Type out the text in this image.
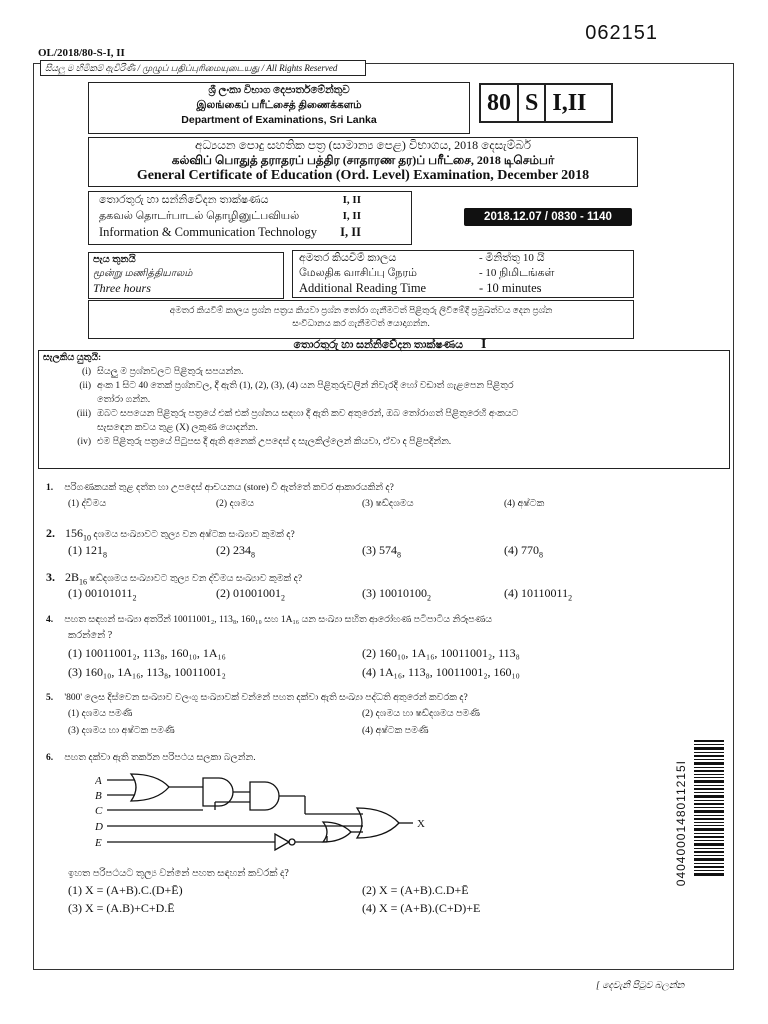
062151
OL/2018/80-S-I, II
සියලු ම හිමිකම් ඇවිරිණි / முழுப் பதிப்புரிமையுடையது / All Rights Reserved
ශ්‍රී ලංකා විභාග දෙපාර්තමේන්තුව
இலங்கைப் பரீட்சைத் திணைக்களம்
Department of Examinations, Sri Lanka
80 S I,II
අධ්‍යයන පොදු සහතික පත්‍ර (සාමාන්‍ය පෙළ) විභාගය, 2018 දෙසැම්බර්
கல்விப் பொதுத் தராதரப் பத்திர (சாதாரண தர)ப் பரீட்சை, 2018 டிசெம்பர்
General Certificate of Education (Ord. Level) Examination, December 2018
තොරතුරු හා සන්නිවේදන තාක්ෂණය	I, II
தகவல் தொடர்பாடல் தொழினுட்பவியல்	I, II
Information & Communication Technology I, II
2018.12.07 / 0830 - 1140
පැය තුනයි
மூன்று மணித்தியாலம்
Three hours
අමතර කියවීම් කාලය	- මිනිත්තු 10 යි
மேலதிக வாசிப்பு நேரம்	- 10 நிமிடங்கள்
Additional Reading Time	- 10 minutes
අමතර කියවීම් කාලය ප්‍රශ්න පත්‍රය කියවා ප්‍රශ්න තෝරා ගැනීමටත් පිළිතුරු ලිවීමේදී ප්‍රමුඛත්වය දෙන ප්‍රශ්න
සංවිධානය කර ගැනීමටත් යොදාගන්න.
තොරතුරු හා සන්නිවේදන තාක්ෂණය I
සැලකිය යුතුයි:
(i) සියලු ම ප්‍රශ්නවලට පිළිතුරු සපයන්න.
(ii) අංක 1 සිට 40 තෙක් ප්‍රශ්නවල, දී ඇති (1), (2), (3), (4) යන පිළිතුරුවලින් නිවැරදි හෝ වඩාත් ගැළපෙන පිළිතුර
තෝරා ගන්න.
(iii) ඔබට සපයෙන පිළිතුරු පත්‍රයේ එක් එක් ප්‍රශ්නය සඳහා දී ඇති කව අතුරෙන්, ඔබ තෝරාගත් පිළිතුරෙහි අංකයට
සැසඳෙන කවය තුළ (X) ලකුණ යොදන්න.
(iv) එම පිළිතුරු පත්‍රයේ පිටුපස දී ඇති අනෙක් උපදෙස් ද සැලකිල්ලෙන් කියවා, ඒවා ද පිළිපදින්න.
1. පරිගණකයක් තුළ දත්ත හා උපදෙස් ආචයනය (store) වී ඇත්තේ කවර ආකාරයකින් ද?
(1) ද්විමය	(2) දශමය	(3) ෂඩ්දශමය	(4) අෂ්ටක
2. $156_{10}$ දශමය සංඛ්‍යාවට තුල්‍ය වන අෂ්ටක සංඛ්‍යාව කුමක් ද?
(1) $121_8$	(2) $234_8$	(3) $574_8$	(4) $770_8$
3. $2B_{16}$ ෂඩ්දශමය සංඛ්‍යාවට තුල්‍ය වන ද්විමය සංඛ්‍යාව කුමක් ද?
(1) $00101011_2$	(2) $01001001_2$	(3) $10010100_2$	(4) $10110011_2$
4. පහත සඳහන් සංඛ්‍යා අතරින් 10011001₂, 113₈, 160₁₀ සහ 1A₁₆ යන සංඛ්‍යා සහිත ආරෝහණ පටිපාටිය නිරූපණය
කරන්නේ ?
(1) 10011001₂, 113₈, 160₁₀, 1A₁₆	(2) 160₁₀, 1A₁₆, 10011001₂, 113₈
(3) 160₁₀, 1A₁₆, 113₈, 10011001₂	(4) 1A₁₆, 113₈, 10011001₂, 160₁₀
5. '800' ලෙස දිස්වෙන සංඛ්‍යාව වලංගු සංඛ්‍යාවක් වන්නේ පහත දක්වා ඇති සංඛ්‍යා පද්ධති අතුරෙන් කවරක ද?
(1) දශමය පමණි	(2) දශමය හා ෂඩ්දශමය පමණි
(3) දශමය හා අෂ්ටක පමණි	(4) අෂ්ටක පමණි
6. පහත දක්වා ඇති තර්කන පරිපථය සලකා බලන්න.
A
B
C
D
E
X
ඉහත පරිපථයට තුල්‍ය වන්නේ පහත සඳහන් කවරක් ද?
(1) X = (A+B).C.(D+Ē)	(2) X = (A+B).C.D+Ē
(3) X = (A.B)+C+D.Ē	(4) X = (A+B).(C+D)+E
0404000148011215I
[ දෙවැනි පිටුව බලන්න
